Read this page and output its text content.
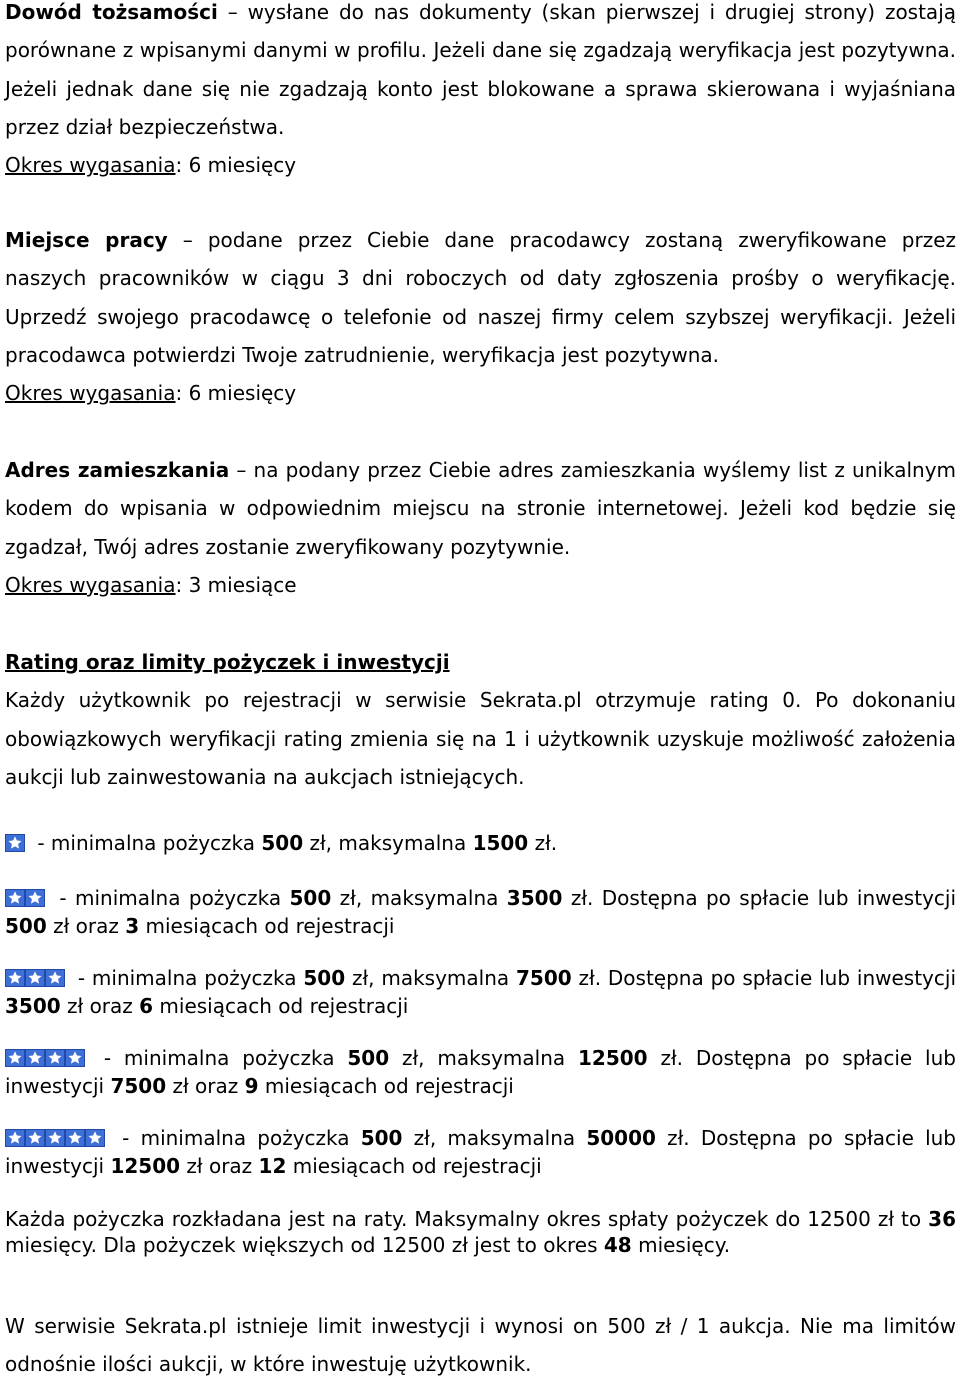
Dowód tożsamości – wysłane do nas dokumenty (skan pierwszej i drugiej strony) zostają porównane z wpisanymi danymi w profilu. Jeżeli dane się zgadzają weryfikacja jest pozytywna. Jeżeli jednak dane się nie zgadzają konto jest blokowane a sprawa skierowana i wyjaśniana przez dział bezpieczeństwa.
Okres wygasania: 6 miesięcy
Miejsce pracy – podane przez Ciebie dane pracodawcy zostaną zweryfikowane przez naszych pracowników w ciągu 3 dni roboczych od daty zgłoszenia prośby o weryfikację. Uprzedź swojego pracodawcę o telefonie od naszej firmy celem szybszej weryfikacji. Jeżeli pracodawca potwierdzi Twoje zatrudnienie, weryfikacja jest pozytywna.
Okres wygasania: 6 miesięcy
Adres zamieszkania – na podany przez Ciebie adres zamieszkania wyślemy list z unikalnym kodem do wpisania w odpowiednim miejscu na stronie internetowej. Jeżeli kod będzie się zgadzał, Twój adres zostanie zweryfikowany pozytywnie.
Okres wygasania: 3 miesiące
Rating oraz limity pożyczek i inwestycji
Każdy użytkownik po rejestracji w serwisie Sekrata.pl otrzymuje rating 0. Po dokonaniu obowiązkowych weryfikacji rating zmienia się na 1 i użytkownik uzyskuje możliwość założenia aukcji lub zainwestowania na aukcjach istniejących.
- minimalna pożyczka 500 zł, maksymalna 1500 zł.
- minimalna pożyczka 500 zł, maksymalna 3500 zł. Dostępna po spłacie lub inwestycji 500 zł oraz 3 miesiącach od rejestracji
- minimalna pożyczka 500 zł, maksymalna 7500 zł. Dostępna po spłacie lub inwestycji 3500 zł oraz 6 miesiącach od rejestracji
- minimalna pożyczka 500 zł, maksymalna 12500 zł. Dostępna po spłacie lub inwestycji 7500 zł oraz 9 miesiącach od rejestracji
- minimalna pożyczka 500 zł, maksymalna 50000 zł. Dostępna po spłacie lub inwestycji 12500 zł oraz 12 miesiącach od rejestracji
Każda pożyczka rozkładana jest na raty. Maksymalny okres spłaty pożyczek do 12500 zł to 36 miesięcy. Dla pożyczek większych od 12500 zł jest to okres 48 miesięcy.
W serwisie Sekrata.pl istnieje limit inwestycji i wynosi on 500 zł / 1 aukcja. Nie ma limitów odnośnie ilości aukcji, w które inwestuję użytkownik.
